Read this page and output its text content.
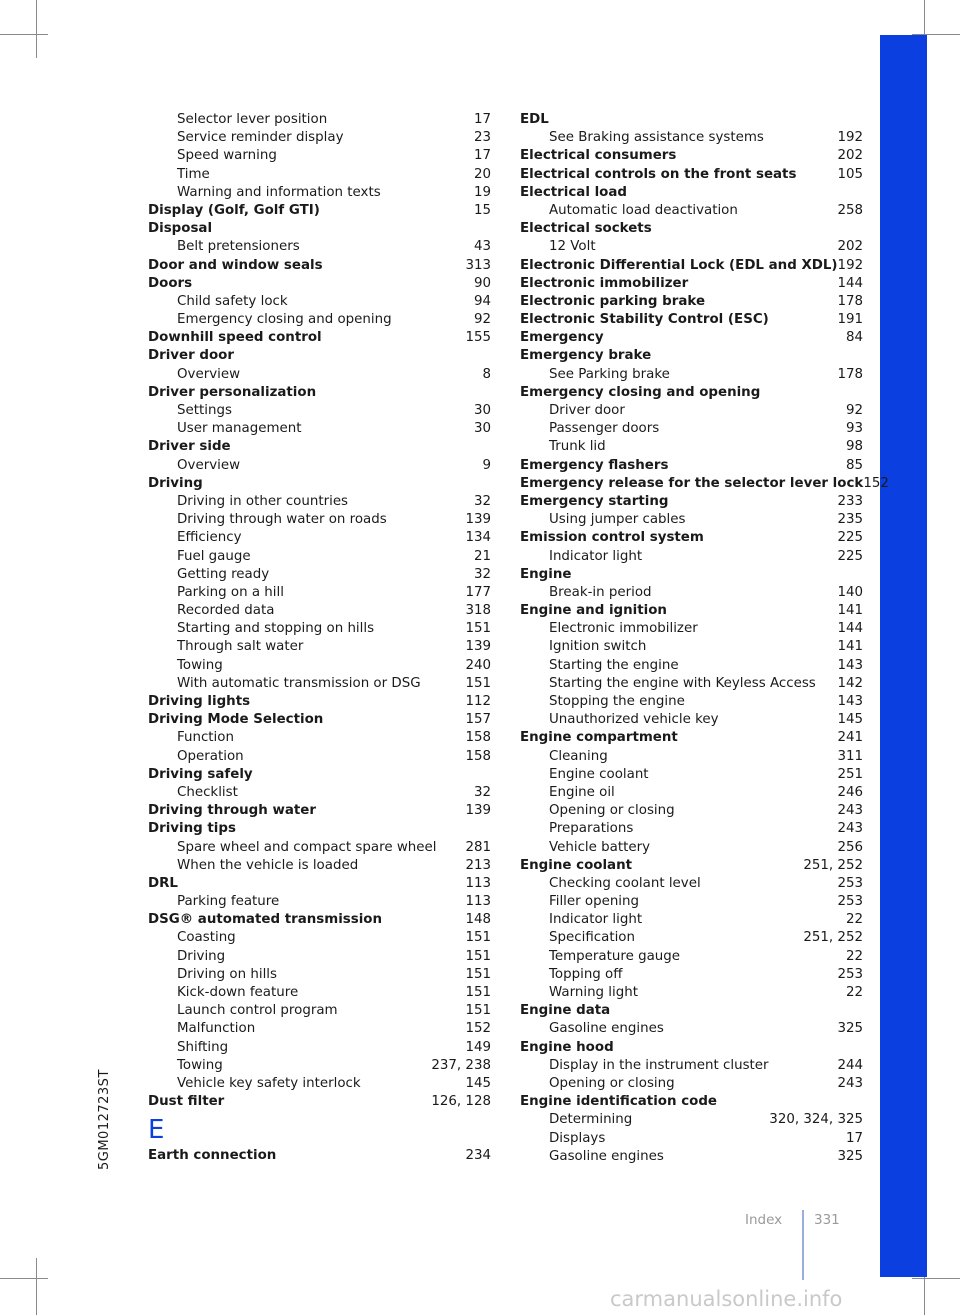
5GM012723ST
Selector lever position	17
Service reminder display	23
Speed warning	17
Time	20
Warning and information texts	19
Display (Golf, Golf GTI)	15
Disposal
Belt pretensioners	43
Door and window seals	313
Doors	90
Child safety lock	94
Emergency closing and opening	92
Downhill speed control	155
Driver door
Overview	8
Driver personalization
Settings	30
User management	30
Driver side
Overview	9
Driving
Driving in other countries	32
Driving through water on roads	139
Efficiency	134
Fuel gauge	21
Getting ready	32
Parking on a hill	177
Recorded data	318
Starting and stopping on hills	151
Through salt water	139
Towing	240
With automatic transmission or DSG	151
Driving lights	112
Driving Mode Selection	157
Function	158
Operation	158
Driving safely
Checklist	32
Driving through water	139
Driving tips
Spare wheel and compact spare wheel 281
When the vehicle is loaded	213
DRL	113
Parking feature	113
DSG® automated transmission	148
Coasting	151
Driving	151
Driving on hills	151
Kick-down feature	151
Launch control program	151
Malfunction	152
Shifting	149
Towing	237, 238
Vehicle key safety interlock	145
Dust filter	126, 128
E
Earth connection	234
EDL
See Braking assistance systems	192
Electrical consumers	202
Electrical controls on the front seats	105
Electrical load
Automatic load deactivation	258
Electrical sockets
12 Volt	202
Electronic Differential Lock (EDL and XDL) 192
Electronic immobilizer	144
Electronic parking brake	178
Electronic Stability Control (ESC)	191
Emergency	84
Emergency brake
See Parking brake	178
Emergency closing and opening
Driver door	92
Passenger doors	93
Trunk lid	98
Emergency flashers	85
Emergency release for the selector lever lock 152
Emergency starting	233
Using jumper cables	235
Emission control system	225
Indicator light	225
Engine
Break-in period	140
Engine and ignition	141
Electronic immobilizer	144
Ignition switch	141
Starting the engine	143
Starting the engine with Keyless Access 142
Stopping the engine	143
Unauthorized vehicle key	145
Engine compartment	241
Cleaning	311
Engine coolant	251
Engine oil	246
Opening or closing	243
Preparations	243
Vehicle battery	256
Engine coolant	251, 252
Checking coolant level	253
Filler opening	253
Indicator light	22
Specification	251, 252
Temperature gauge	22
Topping off	253
Warning light	22
Engine data
Gasoline engines	325
Engine hood
Display in the instrument cluster	244
Opening or closing	243
Engine identification code
Determining	320, 324, 325
Displays	17
Gasoline engines	325
Index 331
carmanualsonline.info
